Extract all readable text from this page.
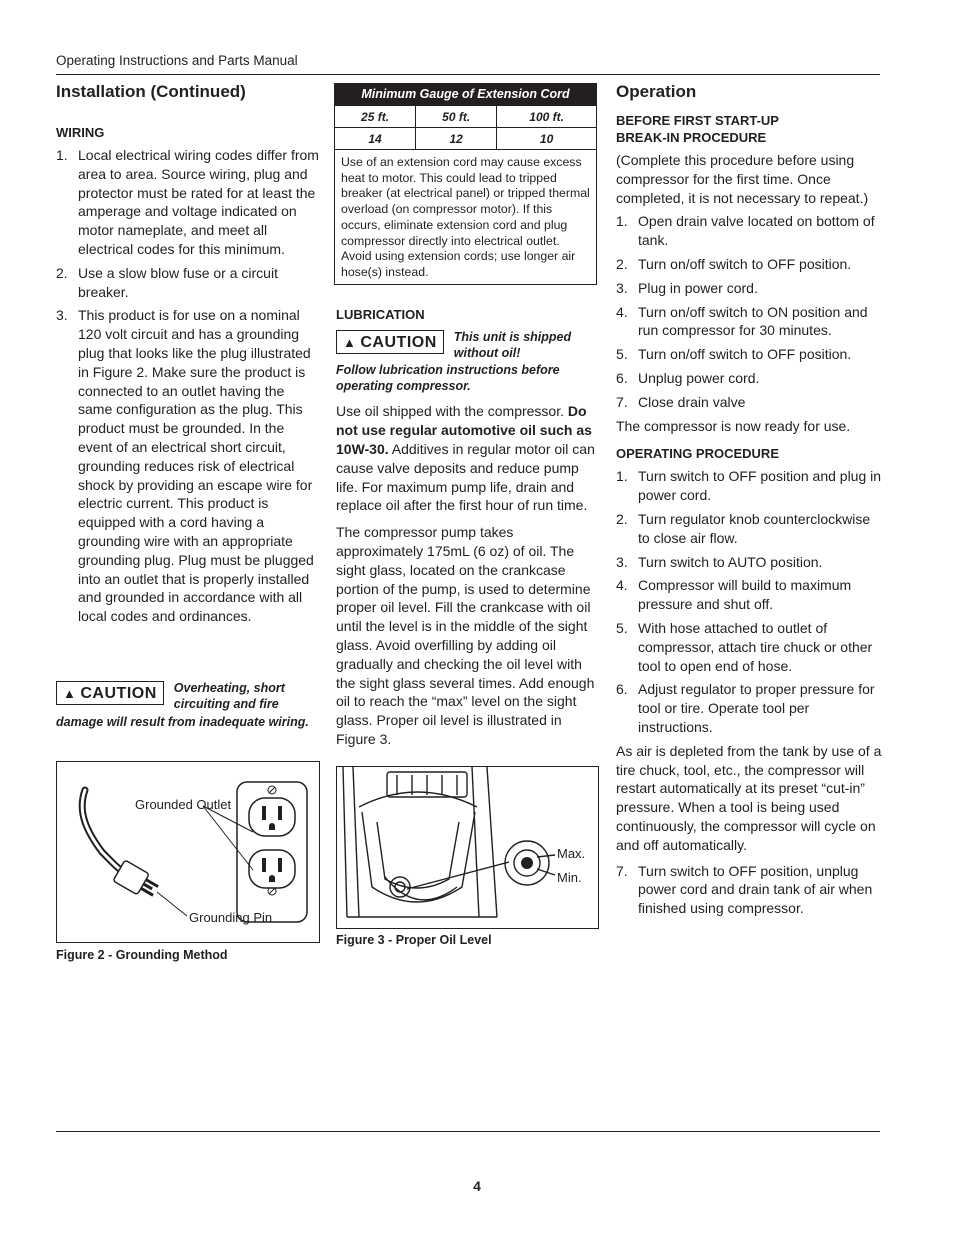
Operating Instructions and Parts Manual
Installation (Continued)
WIRING
1. Local electrical wiring codes differ from area to area. Source wiring, plug and protector must be rated for at least the amperage and voltage indicated on motor nameplate, and meet all electrical codes for this minimum.
2. Use a slow blow fuse or a circuit breaker.
3. This product is for use on a nominal 120 volt circuit and has a grounding plug that looks like the plug illustrated in Figure 2. Make sure the product is connected to an outlet having the same configuration as the plug. This product must be grounded. In the event of an electrical short circuit, grounding reduces risk of electrical shock by providing an escape wire for electric current. This product is equipped with a cord having a grounding wire with an appropriate grounding plug. Plug must be plugged into an outlet that is properly installed and grounded in accordance with all local codes and ordinances.
▲ CAUTION	Overheating, short circuiting and fire
damage will result from inadequate wiring.
Grounded Outlet
Grounding Pin
Figure 2 - Grounding Method
Minimum Gauge of Extension Cord
25 ft.	50 ft.	100 ft.
14	12	10
Use of an extension cord may cause excess heat to motor. This could lead to tripped breaker (at electrical panel) or tripped thermal overload (on compressor motor). If this occurs, eliminate extension cord and plug compressor directly into electrical outlet. Avoid using extension cords; use longer air hose(s) instead.
LUBRICATION
▲ CAUTION	This unit is shipped without oil!
Follow lubrication instructions before operating compressor.

Use oil shipped with the compressor. Do not use regular automotive oil such as 10W-30. Additives in regular motor oil can cause valve deposits and reduce pump life. For maximum pump life, drain and replace oil after the first hour of run time.

The compressor pump takes approximately 175mL (6 oz) of oil. The sight glass, located on the crankcase portion of the pump, is used to determine proper oil level. Fill the crankcase with oil until the level is in the middle of the sight glass. Avoid overfilling by adding oil gradually and checking the oil level with the sight glass several times. Add enough oil to reach the “max” level on the sight glass. Proper oil level is illustrated in Figure 3.

Max.
Min.
Figure 3 - Proper Oil Level
Operation
BEFORE FIRST START-UP
BREAK-IN PROCEDURE

(Complete this procedure before using compressor for the first time. Once completed, it is not necessary to repeat.)

1. Open drain valve located on bottom of tank.
2. Turn on/off switch to OFF position.
3. Plug in power cord.
4. Turn on/off switch to ON position and run compressor for 30 minutes.
5. Turn on/off switch to OFF position.
6. Unplug power cord.
7. Close drain valve

The compressor is now ready for use.

OPERATING PROCEDURE
1. Turn switch to OFF position and plug in power cord.
2. Turn regulator knob counterclockwise to close air flow.
3. Turn switch to AUTO position.
4. Compressor will build to maximum pressure and shut off.
5. With hose attached to outlet of compressor, attach tire chuck or other tool to open end of hose.
6. Adjust regulator to proper pressure for tool or tire. Operate tool per instructions.

As air is depleted from the tank by use of a tire chuck, tool, etc., the compressor will restart automatically at its preset “cut-in” pressure. When a tool is being used continuously, the compressor will cycle on and off automatically.

7. Turn switch to OFF position, unplug power cord and drain tank of air when finished using compressor.
4
